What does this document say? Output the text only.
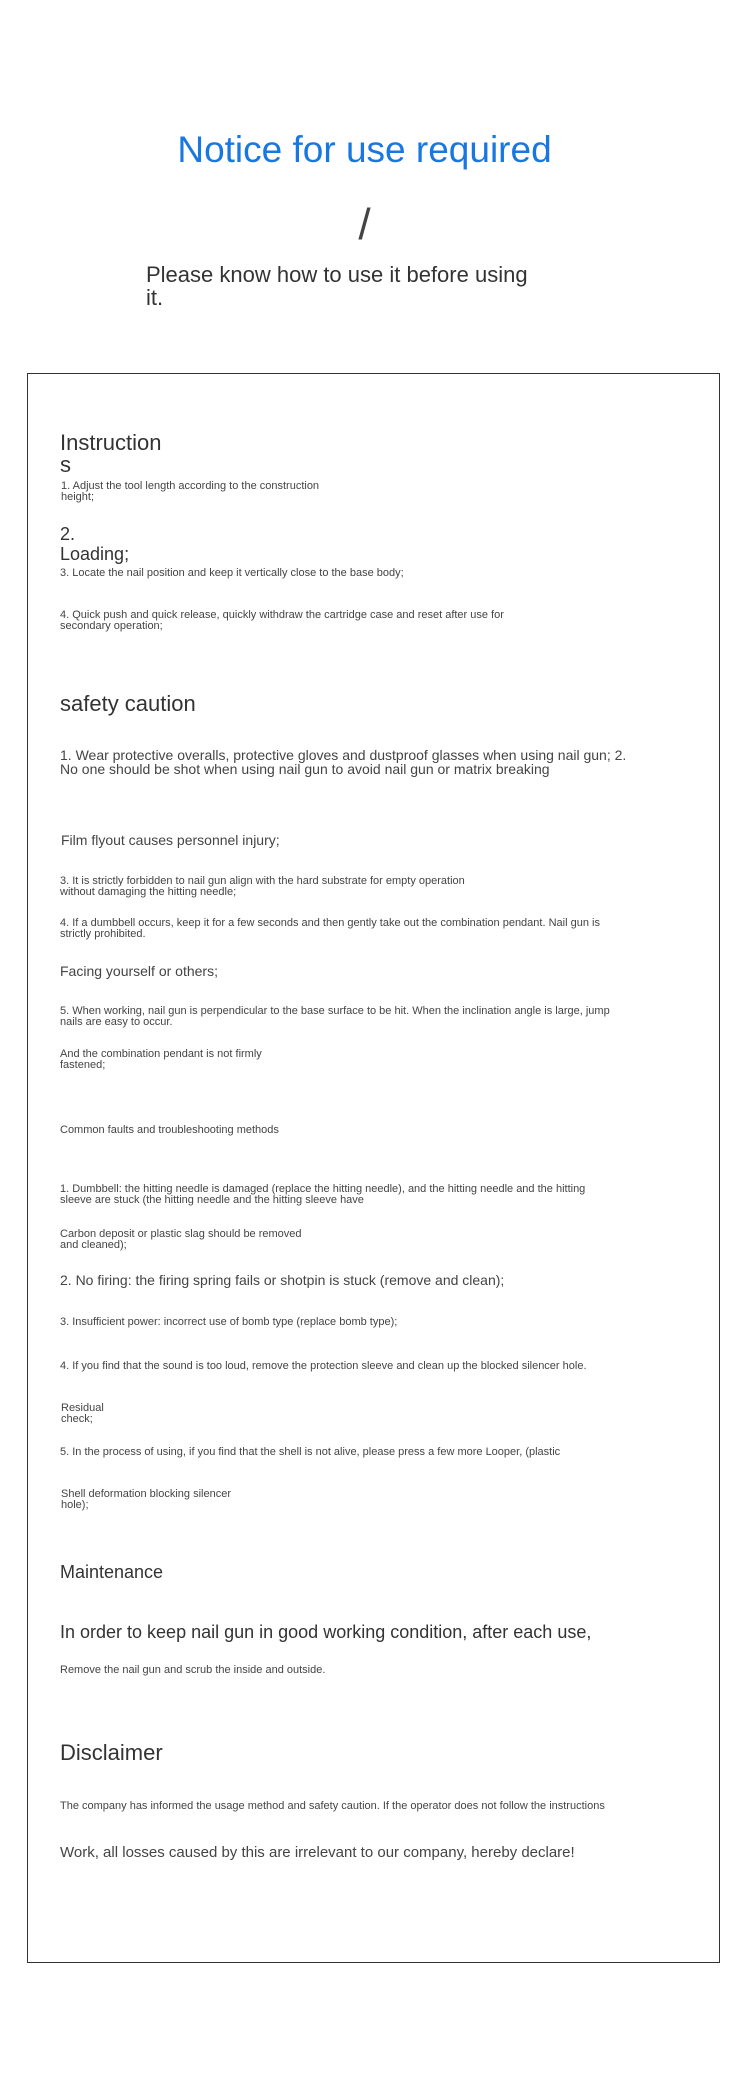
Notice for use required
/
Please know how to use it before using
it.
Instruction
s
1. Adjust the tool length according to the construction
height;
2.
Loading;
3. Locate the nail position and keep it vertically close to the base body;
4. Quick push and quick release, quickly withdraw the cartridge case and reset after use for
secondary operation;
safety caution
1. Wear protective overalls, protective gloves and dustproof glasses when using nail gun; 2.
No one should be shot when using nail gun to avoid nail gun or matrix breaking
Film flyout causes personnel injury;
3. It is strictly forbidden to nail gun align with the hard substrate for empty operation
without damaging the hitting needle;
4. If a dumbbell occurs, keep it for a few seconds and then gently take out the combination pendant. Nail gun is
strictly prohibited.
Facing yourself or others;
5. When working, nail gun is perpendicular to the base surface to be hit. When the inclination angle is large, jump
nails are easy to occur.
And the combination pendant is not firmly
fastened;
Common faults and troubleshooting methods
1. Dumbbell: the hitting needle is damaged (replace the hitting needle), and the hitting needle and the hitting
sleeve are stuck (the hitting needle and the hitting sleeve have
Carbon deposit or plastic slag should be removed
and cleaned);
2. No firing: the firing spring fails or shotpin is stuck (remove and clean);
3. Insufficient power: incorrect use of bomb type (replace bomb type);
4. If you find that the sound is too loud, remove the protection sleeve and clean up the blocked silencer hole.
Residual
check;
5. In the process of using, if you find that the shell is not alive, please press a few more Looper, (plastic
Shell deformation blocking silencer
hole);
Maintenance
In order to keep nail gun in good working condition, after each use,
Remove the nail gun and scrub the inside and outside.
Disclaimer
The company has informed the usage method and safety caution. If the operator does not follow the instructions
Work, all losses caused by this are irrelevant to our company, hereby declare!
